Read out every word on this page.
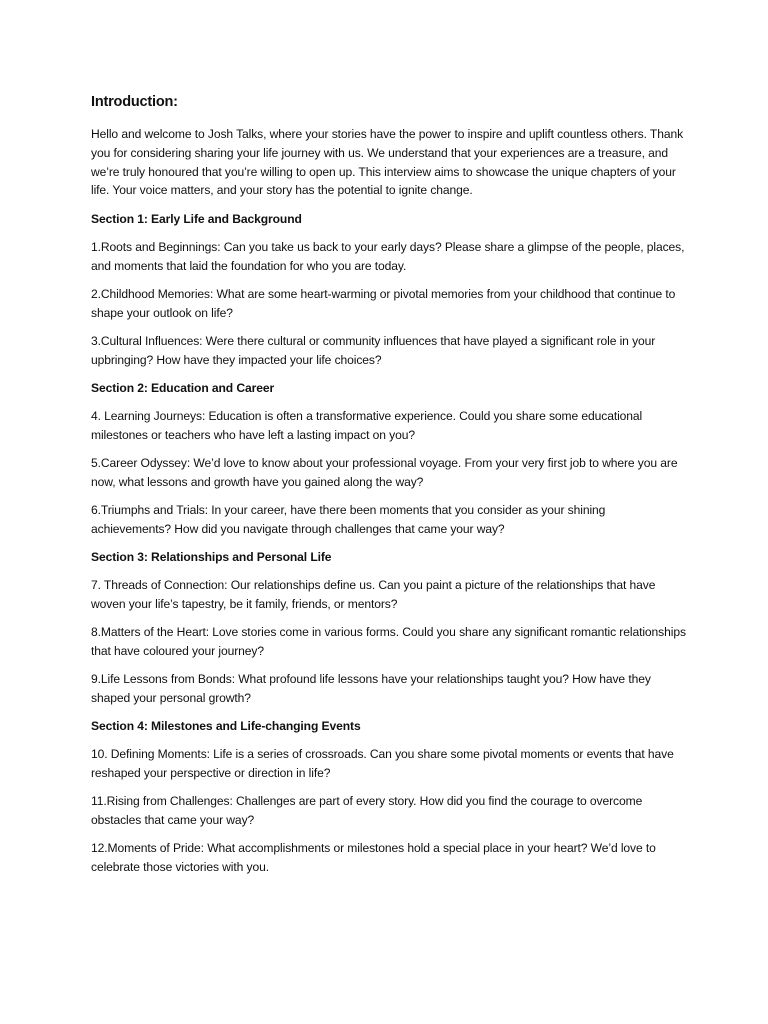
Introduction:

Hello and welcome to Josh Talks, where your stories have the power to inspire and uplift countless others. Thank you for considering sharing your life journey with us. We understand that your experiences are a treasure, and we’re truly honoured that you’re willing to open up. This interview aims to showcase the unique chapters of your life. Your voice matters, and your story has the potential to ignite change.

Section 1: Early Life and Background

1.Roots and Beginnings: Can you take us back to your early days? Please share a glimpse of the people, places, and moments that laid the foundation for who you are today.

2.Childhood Memories: What are some heart-warming or pivotal memories from your childhood that continue to shape your outlook on life?

3.Cultural Influences: Were there cultural or community influences that have played a significant role in your upbringing? How have they impacted your life choices?

Section 2: Education and Career

4. Learning Journeys: Education is often a transformative experience. Could you share some educational milestones or teachers who have left a lasting impact on you?

5.Career Odyssey: We’d love to know about your professional voyage. From your very first job to where you are now, what lessons and growth have you gained along the way?

6.Triumphs and Trials: In your career, have there been moments that you consider as your shining achievements? How did you navigate through challenges that came your way?

Section 3: Relationships and Personal Life

7. Threads of Connection: Our relationships define us. Can you paint a picture of the relationships that have woven your life’s tapestry, be it family, friends, or mentors?

8.Matters of the Heart: Love stories come in various forms. Could you share any significant romantic relationships that have coloured your journey?

9.Life Lessons from Bonds: What profound life lessons have your relationships taught you? How have they shaped your personal growth?

Section 4: Milestones and Life-changing Events

10. Defining Moments: Life is a series of crossroads. Can you share some pivotal moments or events that have reshaped your perspective or direction in life?

11.Rising from Challenges: Challenges are part of every story. How did you find the courage to overcome obstacles that came your way?

12.Moments of Pride: What accomplishments or milestones hold a special place in your heart? We’d love to celebrate those victories with you.
